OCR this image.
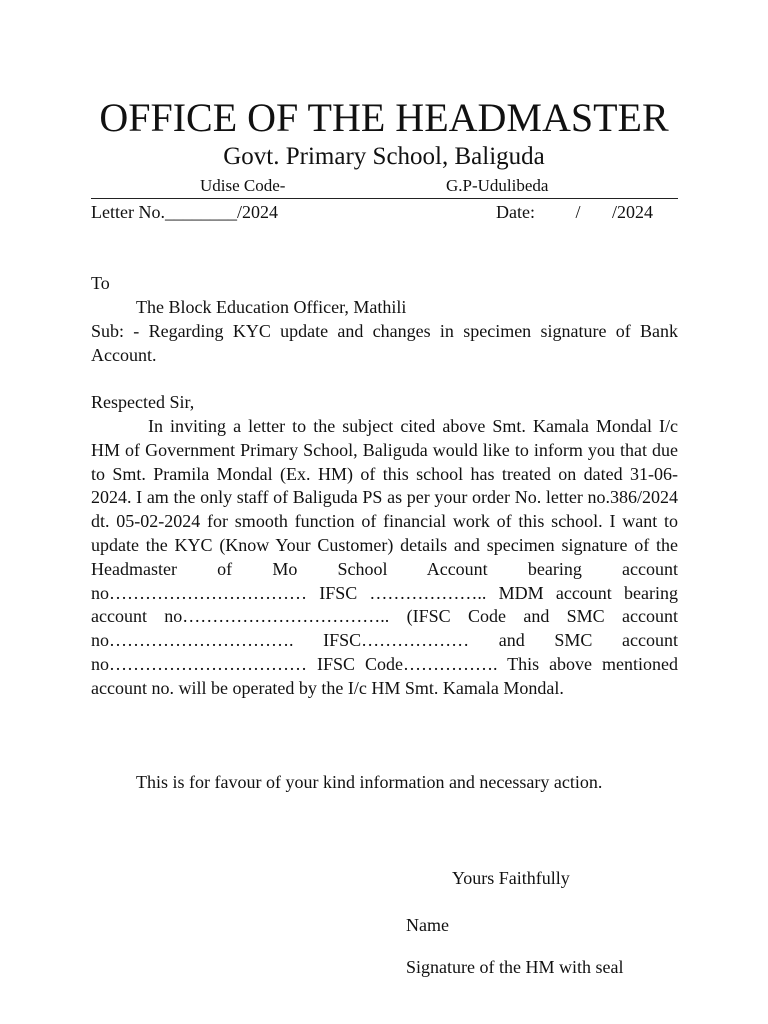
OFFICE OF THE HEADMASTER
Govt. Primary School, Baliguda
Udise Code-	G.P-Udulibeda
Letter No.________/2024	Date:         /       /2024
To
The Block Education Officer, Mathili
Sub: - Regarding KYC update and changes in specimen signature of Bank Account.
Respected Sir,
In inviting a letter to the subject cited above Smt. Kamala Mondal I/c HM of Government Primary School, Baliguda would like to inform you that due to Smt. Pramila Mondal (Ex. HM) of this school has treated on dated 31-06-2024. I am the only staff of Baliguda PS as per your order No. letter no.386/2024 dt. 05-02-2024 for smooth function of financial work of this school. I want to update the KYC (Know Your Customer) details and specimen signature of the Headmaster of Mo School Account bearing account no…………………………… IFSC ……………….. MDM account bearing account no…………………………….. (IFSC Code and SMC account no…………………………. IFSC……………… and SMC account no…………………………… IFSC Code……………. This above mentioned account no. will be operated by the I/c HM Smt. Kamala Mondal.
This is for favour of your kind information and necessary action.
Yours Faithfully
Name
Signature of the HM with seal
